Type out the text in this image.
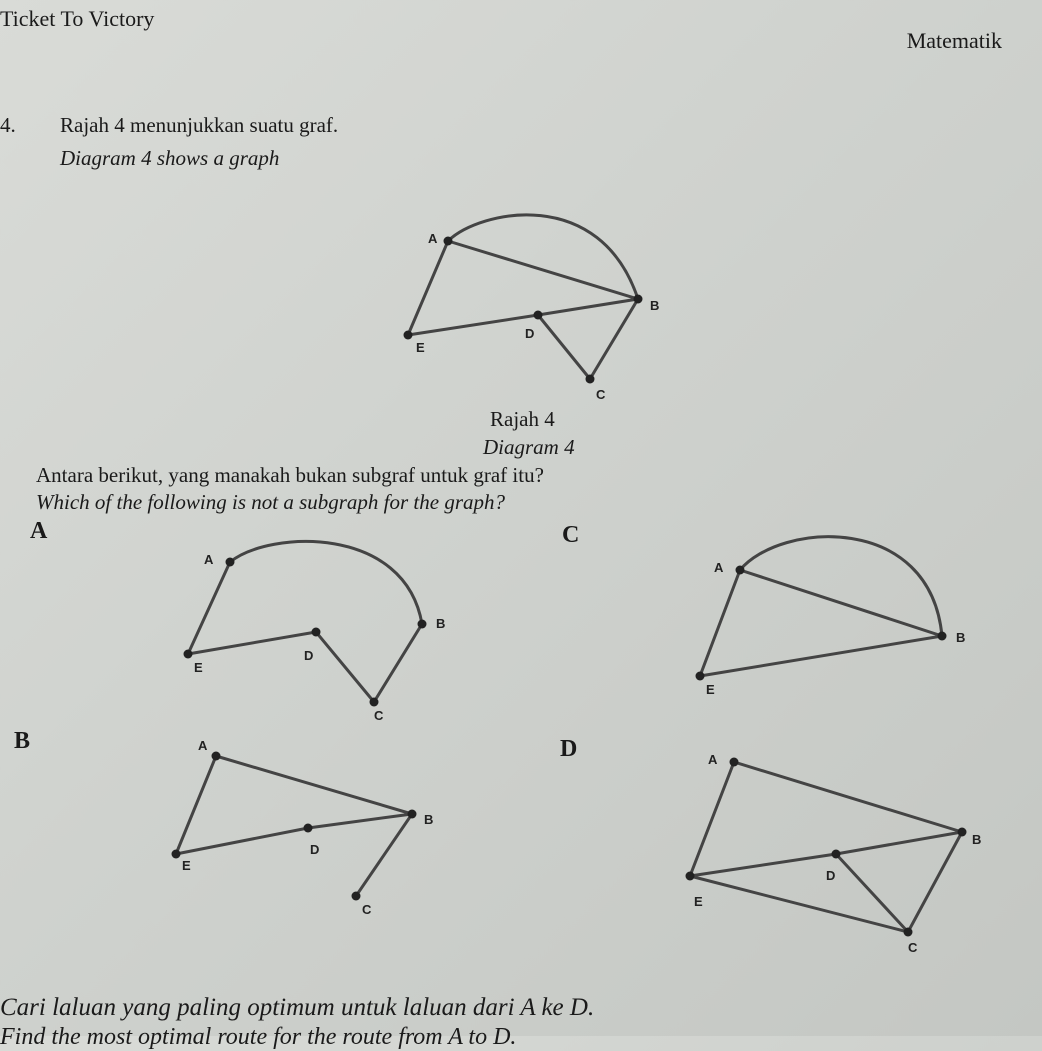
Ticket To Victory
Matematik
4. Rajah 4 menunjukkan suatu graf.
Diagram 4 shows a graph
A
B
C
D
E
Rajah 4
Diagram 4
Antara berikut, yang manakah bukan subgraf untuk graf itu?
Which of the following is not a subgraph for the graph?
A
A
B
C
D
E
C
A
B
E
B	A
B
C
D
E
D	A
B
C
D
E
Cari laluan yang paling optimum untuk laluan dari A ke D.
Find the most optimal route for the route from A to D.
